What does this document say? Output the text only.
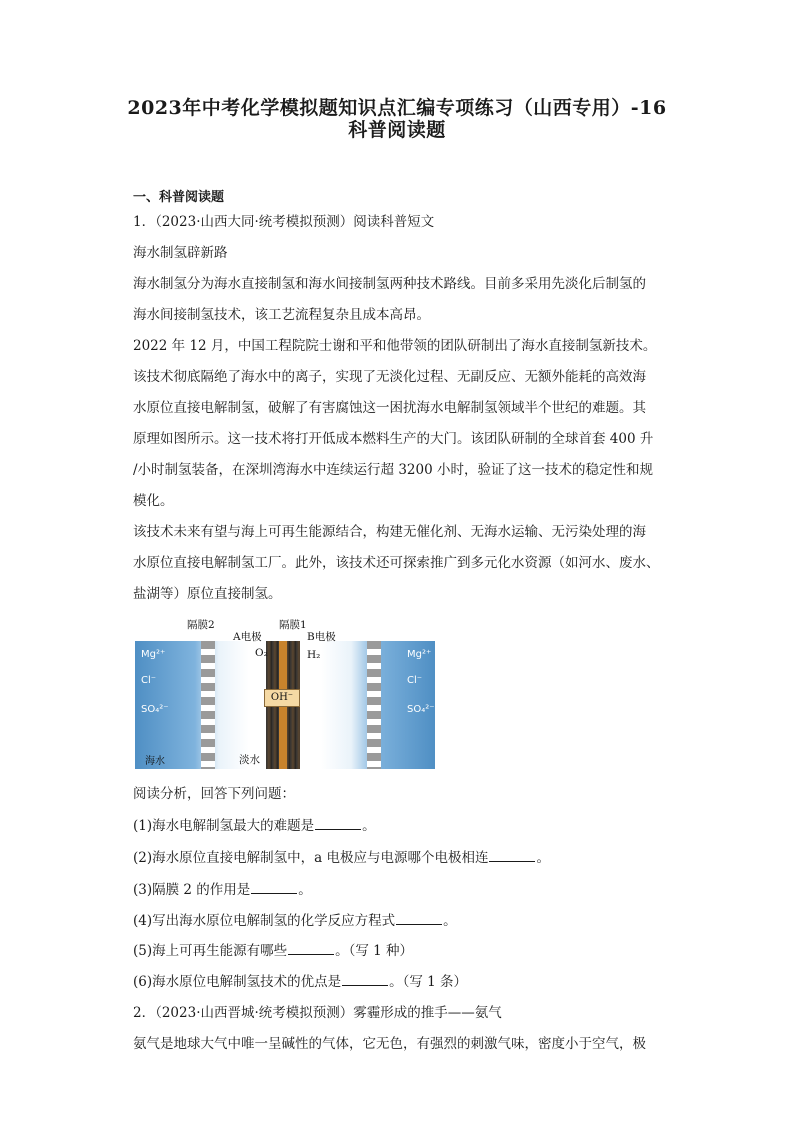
2023年中考化学模拟题知识点汇编专项练习（山西专用）-16
科普阅读题
一、科普阅读题
1．（2023·山西大同·统考模拟预测）阅读科普短文
海水制氢辟新路
海水制氢分为海水直接制氢和海水间接制氢两种技术路线。目前多采用先淡化后制氢的
海水间接制氢技术，该工艺流程复杂且成本高昂。
2022 年 12 月，中国工程院院士谢和平和他带领的团队研制出了海水直接制氢新技术。
该技术彻底隔绝了海水中的离子，实现了无淡化过程、无副反应、无额外能耗的高效海
水原位直接电解制氢，破解了有害腐蚀这一困扰海水电解制氢领域半个世纪的难题。其
原理如图所示。这一技术将打开低成本燃料生产的大门。该团队研制的全球首套 400 升
/小时制氢装备，在深圳湾海水中连续运行超 3200 小时，验证了这一技术的稳定性和规
模化。
该技术未来有望与海上可再生能源结合，构建无催化剂、无海水运输、无污染处理的海
水原位直接电解制氢工厂。此外，该技术还可探索推广到多元化水资源（如河水、废水、
盐湖等）原位直接制氢。
OH⁻
隔膜2	隔膜1
A电极	B电极
O₂	H₂
Mg²⁺
Cl⁻
SO₄²⁻
Mg²⁺
Cl⁻
SO₄²⁻
海水	淡水
阅读分析，回答下列问题：
(1)海水电解制氢最大的难题是	。
(2)海水原位直接电解制氢中，a 电极应与电源哪个电极相连	。
(3)隔膜 2 的作用是	。
(4)写出海水原位电解制氢的化学反应方程式	。
(5)海上可再生能源有哪些	。（写 1 种）
(6)海水原位电解制氢技术的优点是	。（写 1 条）
2．（2023·山西晋城·统考模拟预测）雾霾形成的推手——氨气
氨气是地球大气中唯一呈碱性的气体，它无色，有强烈的刺激气味，密度小于空气，极
